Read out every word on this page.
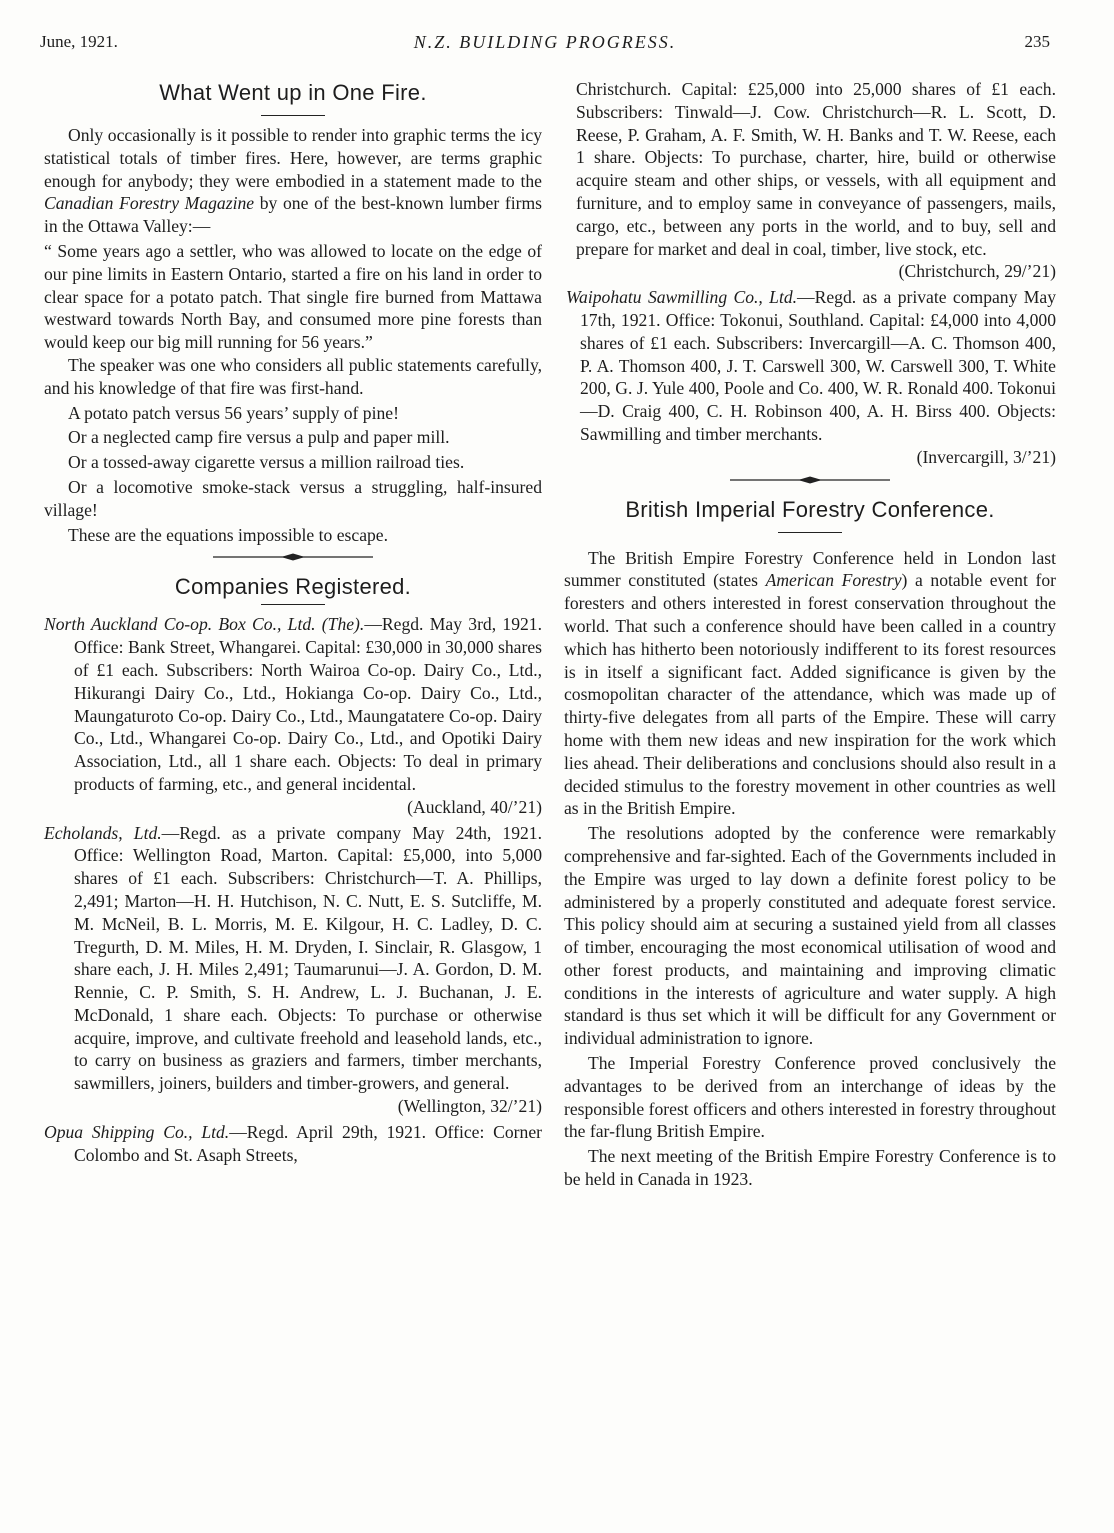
June, 1921.	N.Z. BUILDING PROGRESS.	235
What Went up in One Fire.

Only occasionally is it possible to render into graphic terms the icy statistical totals of timber fires. Here, however, are terms graphic enough for anybody; they were embodied in a statement made to the Canadian Forestry Magazine by one of the best-known lumber firms in the Ottawa Valley:—

“ Some years ago a settler, who was allowed to locate on the edge of our pine limits in Eastern Ontario, started a fire on his land in order to clear space for a potato patch. That single fire burned from Mattawa westward towards North Bay, and consumed more pine forests than would keep our big mill running for 56 years.”

The speaker was one who considers all public statements carefully, and his knowledge of that fire was first-hand.

A potato patch versus 56 years’ supply of pine!

Or a neglected camp fire versus a pulp and paper mill.

Or a tossed-away cigarette versus a million railroad ties.

Or a locomotive smoke-stack versus a struggling, half-insured village!

These are the equations impossible to escape.

Companies Registered.

North Auckland Co-op. Box Co., Ltd. (The).—Regd. May 3rd, 1921. Office: Bank Street, Whangarei. Capital: £30,000 in 30,000 shares of £1 each. Subscribers: North Wairoa Co-op. Dairy Co., Ltd., Hikurangi Dairy Co., Ltd., Hokianga Co-op. Dairy Co., Ltd., Maungaturoto Co-op. Dairy Co., Ltd., Maungatatere Co-op. Dairy Co., Ltd., Whangarei Co-op. Dairy Co., Ltd., and Opotiki Dairy Association, Ltd., all 1 share each. Objects: To deal in primary products of farming, etc., and general incidental.
(Auckland, 40/’21)

Echolands, Ltd.—Regd. as a private company May 24th, 1921. Office: Wellington Road, Marton. Capital: £5,000, into 5,000 shares of £1 each. Subscribers: Christchurch—T. A. Phillips, 2,491; Marton—H. H. Hutchison, N. C. Nutt, E. S. Sutcliffe, M. M. McNeil, B. L. Morris, M. E. Kilgour, H. C. Ladley, D. C. Tregurth, D. M. Miles, H. M. Dryden, I. Sinclair, R. Glasgow, 1 share each, J. H. Miles 2,491; Taumarunui—J. A. Gordon, D. M. Rennie, C. P. Smith, S. H. Andrew, L. J. Buchanan, J. E. McDonald, 1 share each. Objects: To purchase or otherwise acquire, improve, and cultivate freehold and leasehold lands, etc., to carry on business as graziers and farmers, timber merchants, sawmillers, joiners, builders and timber-growers, and general.
(Wellington, 32/’21)

Opua Shipping Co., Ltd.—Regd. April 29th, 1921. Office: Corner Colombo and St. Asaph Streets,

Christchurch. Capital: £25,000 into 25,000 shares of £1 each. Subscribers: Tinwald—J. Cow. Christchurch—R. L. Scott, D. Reese, P. Graham, A. F. Smith, W. H. Banks and T. W. Reese, each 1 share. Objects: To purchase, charter, hire, build or otherwise acquire steam and other ships, or vessels, with all equipment and furniture, and to employ same in conveyance of passengers, mails, cargo, etc., between any ports in the world, and to buy, sell and prepare for market and deal in coal, timber, live stock, etc.
(Christchurch, 29/’21)

Waipohatu Sawmilling Co., Ltd.—Regd. as a private company May 17th, 1921. Office: Tokonui, Southland. Capital: £4,000 into 4,000 shares of £1 each. Subscribers: Invercargill—A. C. Thomson 400, P. A. Thomson 400, J. T. Carswell 300, W. Carswell 300, T. White 200, G. J. Yule 400, Poole and Co. 400, W. R. Ronald 400. Tokonui—D. Craig 400, C. H. Robinson 400, A. H. Birss 400. Objects: Sawmilling and timber merchants.
(Invercargill, 3/’21)

British Imperial Forestry Conference.

The British Empire Forestry Conference held in London last summer constituted (states American Forestry) a notable event for foresters and others interested in forest conservation throughout the world. That such a conference should have been called in a country which has hitherto been notoriously indifferent to its forest resources is in itself a significant fact. Added significance is given by the cosmopolitan character of the attendance, which was made up of thirty-five delegates from all parts of the Empire. These will carry home with them new ideas and new inspiration for the work which lies ahead. Their deliberations and conclusions should also result in a decided stimulus to the forestry movement in other countries as well as in the British Empire.

The resolutions adopted by the conference were remarkably comprehensive and far-sighted. Each of the Governments included in the Empire was urged to lay down a definite forest policy to be administered by a properly constituted and adequate forest service. This policy should aim at securing a sustained yield from all classes of timber, encouraging the most economical utilisation of wood and other forest products, and maintaining and improving climatic conditions in the interests of agriculture and water supply. A high standard is thus set which it will be difficult for any Government or individual administration to ignore.

The Imperial Forestry Conference proved conclusively the advantages to be derived from an interchange of ideas by the responsible forest officers and others interested in forestry throughout the far-flung British Empire.

The next meeting of the British Empire Forestry Conference is to be held in Canada in 1923.
